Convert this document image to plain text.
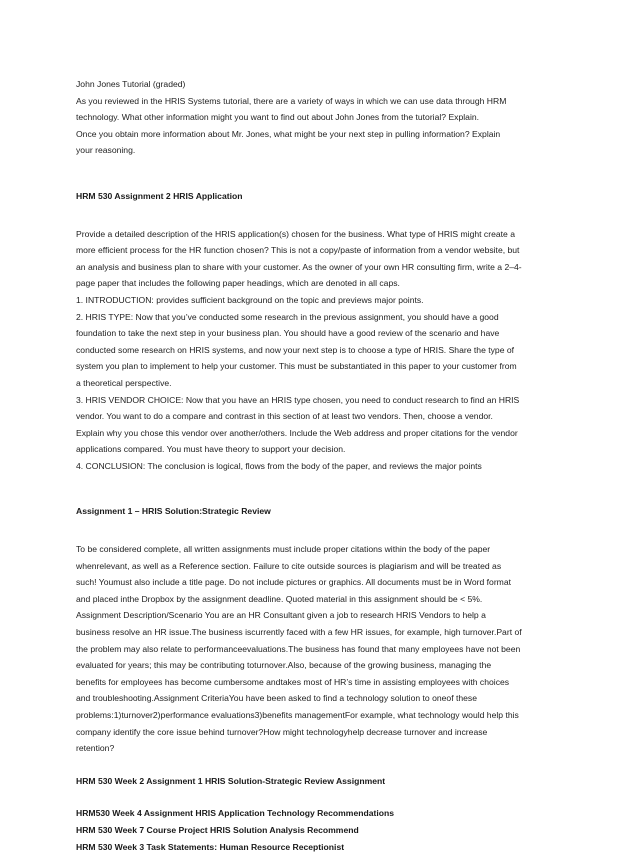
John Jones Tutorial (graded)

As you reviewed in the HRIS Systems tutorial, there are a variety of ways in which we can use data through HRM

technology. What other information might you want to find out about John Jones from the tutorial? Explain.

Once you obtain more information about Mr. Jones, what might be your next step in pulling information? Explain

your reasoning.

HRM 530 Assignment 2 HRIS Application

Provide a detailed description of the HRIS application(s) chosen for the business. What type of HRIS might create a

more efficient process for the HR function chosen? This is not a copy/paste of information from a vendor website, but

an analysis and business plan to share with your customer. As the owner of your own HR consulting firm, write a 2–4-

page paper that includes the following paper headings, which are denoted in all caps.

1. INTRODUCTION: provides sufficient background on the topic and previews major points.

2. HRIS TYPE: Now that you’ve conducted some research in the previous assignment, you should have a good

foundation to take the next step in your business plan. You should have a good review of the scenario and have

conducted some research on HRIS systems, and now your next step is to choose a type of HRIS. Share the type of

system you plan to implement to help your customer. This must be substantiated in this paper to your customer from

a theoretical perspective.

3. HRIS VENDOR CHOICE: Now that you have an HRIS type chosen, you need to conduct research to find an HRIS

vendor. You want to do a compare and contrast in this section of at least two vendors. Then, choose a vendor.

Explain why you chose this vendor over another/others. Include the Web address and proper citations for the vendor

applications compared. You must have theory to support your decision.

4. CONCLUSION: The conclusion is logical, flows from the body of the paper, and reviews the major points

Assignment 1 – HRIS Solution:Strategic Review

To be considered complete, all written assignments must include proper citations within the body of the paper

whenrelevant, as well as a Reference section. Failure to cite outside sources is plagiarism and will be treated as

such! Youmust also include a title page. Do not include pictures or graphics. All documents must be in Word format

and placed inthe Dropbox by the assignment deadline. Quoted material in this assignment should be < 5%.

Assignment Description/Scenario You are an HR Consultant given a job to research HRIS Vendors to help a

business resolve an HR issue.The business iscurrently faced with a few HR issues, for example, high turnover.Part of

the problem may also relate to performanceevaluations.The business has found that many employees have not been

evaluated for years; this may be contributing toturnover.Also, because of the growing business, managing the

benefits for employees has become cumbersome andtakes most of HR’s time in assisting employees with choices

and troubleshooting.Assignment CriteriaYou have been asked to find a technology solution to oneof these

problems:1)turnover2)performance evaluations3)benefits managementFor example, what technology would help this

company identify the core issue behind turnover?How might technologyhelp decrease turnover and increase

retention?

HRM 530 Week 2 Assignment 1 HRIS Solution-Strategic Review Assignment

HRM530 Week 4 Assignment HRIS Application Technology Recommendations

HRM 530 Week 7 Course Project HRIS Solution Analysis Recommend

HRM 530 Week 3 Task Statements: Human Resource Receptionist
